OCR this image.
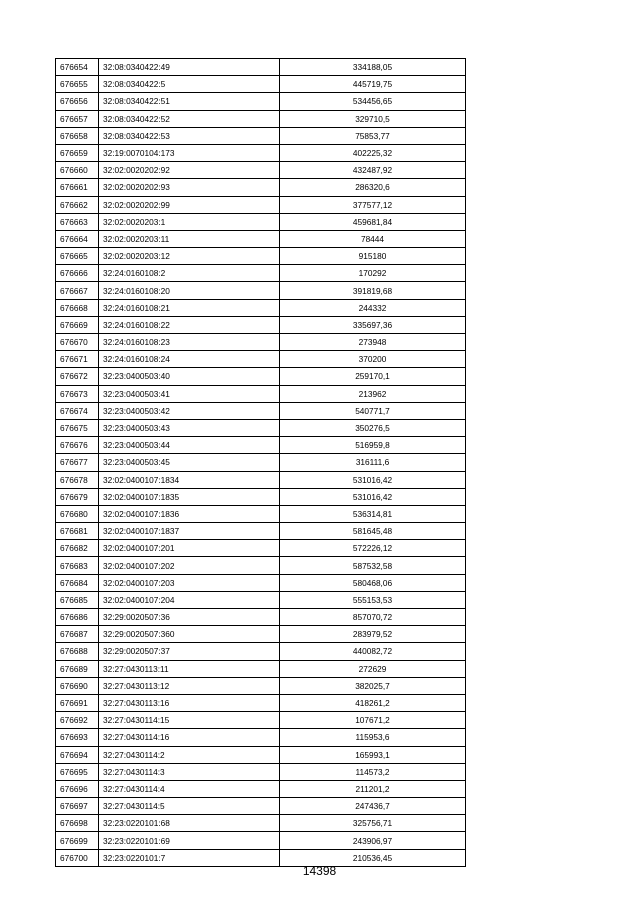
676654	32:08:0340422:49	334188,05
676655	32:08:0340422:5	445719,75
676656	32:08:0340422:51	534456,65
676657	32:08:0340422:52	329710,5
676658	32:08:0340422:53	75853,77
676659	32:19:0070104:173	402225,32
676660	32:02:0020202:92	432487,92
676661	32:02:0020202:93	286320,6
676662	32:02:0020202:99	377577,12
676663	32:02:0020203:1	459681,84
676664	32:02:0020203:11	78444
676665	32:02:0020203:12	915180
676666	32:24:0160108:2	170292
676667	32:24:0160108:20	391819,68
676668	32:24:0160108:21	244332
676669	32:24:0160108:22	335697,36
676670	32:24:0160108:23	273948
676671	32:24:0160108:24	370200
676672	32:23:0400503:40	259170,1
676673	32:23:0400503:41	213962
676674	32:23:0400503:42	540771,7
676675	32:23:0400503:43	350276,5
676676	32:23:0400503:44	516959,8
676677	32:23:0400503:45	316111,6
676678	32:02:0400107:1834	531016,42
676679	32:02:0400107:1835	531016,42
676680	32:02:0400107:1836	536314,81
676681	32:02:0400107:1837	581645,48
676682	32:02:0400107:201	572226,12
676683	32:02:0400107:202	587532,58
676684	32:02:0400107:203	580468,06
676685	32:02:0400107:204	555153,53
676686	32:29:0020507:36	857070,72
676687	32:29:0020507:360	283979,52
676688	32:29:0020507:37	440082,72
676689	32:27:0430113:11	272629
676690	32:27:0430113:12	382025,7
676691	32:27:0430113:16	418261,2
676692	32:27:0430114:15	107671,2
676693	32:27:0430114:16	115953,6
676694	32:27:0430114:2	165993,1
676695	32:27:0430114:3	114573,2
676696	32:27:0430114:4	211201,2
676697	32:27:0430114:5	247436,7
676698	32:23:0220101:68	325756,71
676699	32:23:0220101:69	243906,97
676700	32:23:0220101:7	210536,45
14398
